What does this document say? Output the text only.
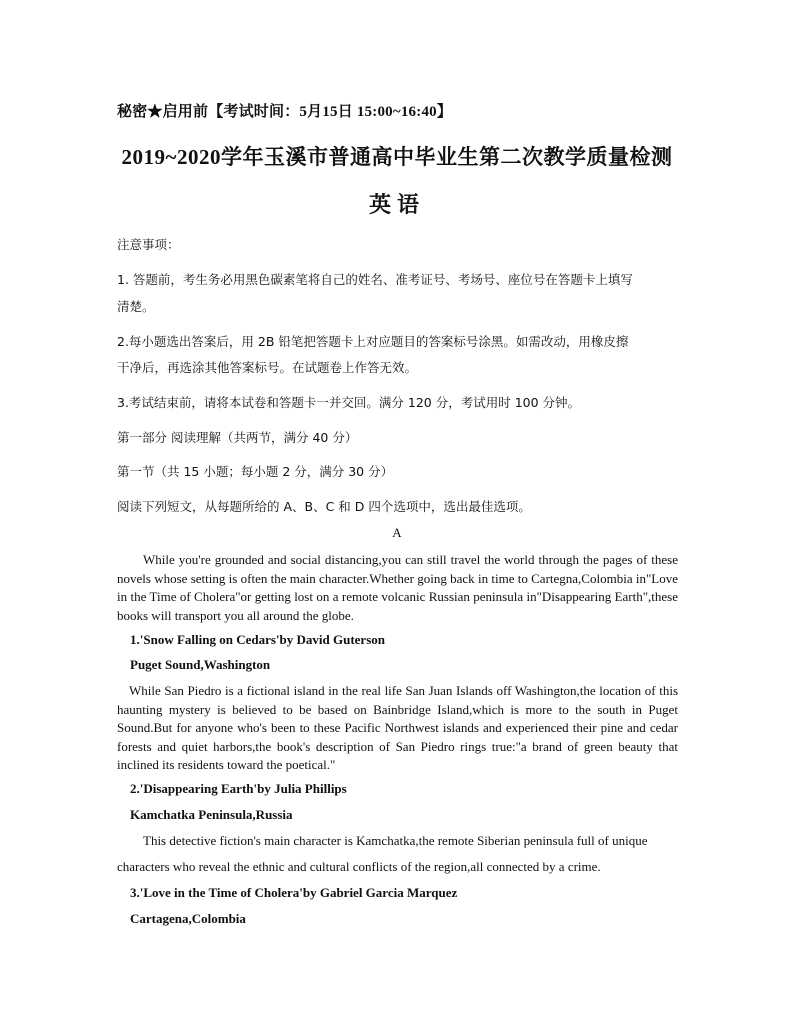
秘密★启用前【考试时间：5月15日 15:00~16:40】
2019~2020学年玉溪市普通高中毕业生第二次教学质量检测
英语
注意事项：
1. 答题前，考生务必用黑色碳素笔将自己的姓名、准考证号、考场号、座位号在答题卡上填写
清楚。
2.每小题选出答案后，用 2B 铅笔把答题卡上对应题目的答案标号涂黑。如需改动，用橡皮擦
干净后，再选涂其他答案标号。在试题卷上作答无效。
3.考试结束前，请将本试卷和答题卡一并交回。满分 120 分，考试用时 100 分钟。
第一部分 阅读理解（共两节，满分 40 分）
第一节（共 15 小题；每小题 2 分，满分 30 分）
阅读下列短文，从每题所给的 A、B、C 和 D 四个选项中，选出最佳选项。
A
While you're grounded and social distancing,you can still travel the world through the pages of these novels whose setting is often the main character.Whether going back in time to Cartegna,Colombia in"Love in the Time of Cholera"or getting lost on a remote volcanic Russian peninsula in"Disappearing Earth",these books will transport you all around the globe.
1.'Snow Falling on Cedars'by David Guterson
Puget Sound,Washington
While San Piedro is a fictional island in the real life San Juan Islands off Washington,the location of this haunting mystery is believed to be based on Bainbridge Island,which is more to the south in Puget Sound.But for anyone who's been to these Pacific Northwest islands and experienced their pine and cedar forests and quiet harbors,the book's description of San Piedro rings true:"a brand of green beauty that inclined its residents toward the poetical."
2.'Disappearing Earth'by Julia Phillips
Kamchatka Peninsula,Russia
This detective fiction's main character is Kamchatka,the remote Siberian peninsula full of unique
characters who reveal the ethnic and cultural conflicts of the region,all connected by a crime.
3.'Love in the Time of Cholera'by Gabriel Garcia Marquez
Cartagena,Colombia
